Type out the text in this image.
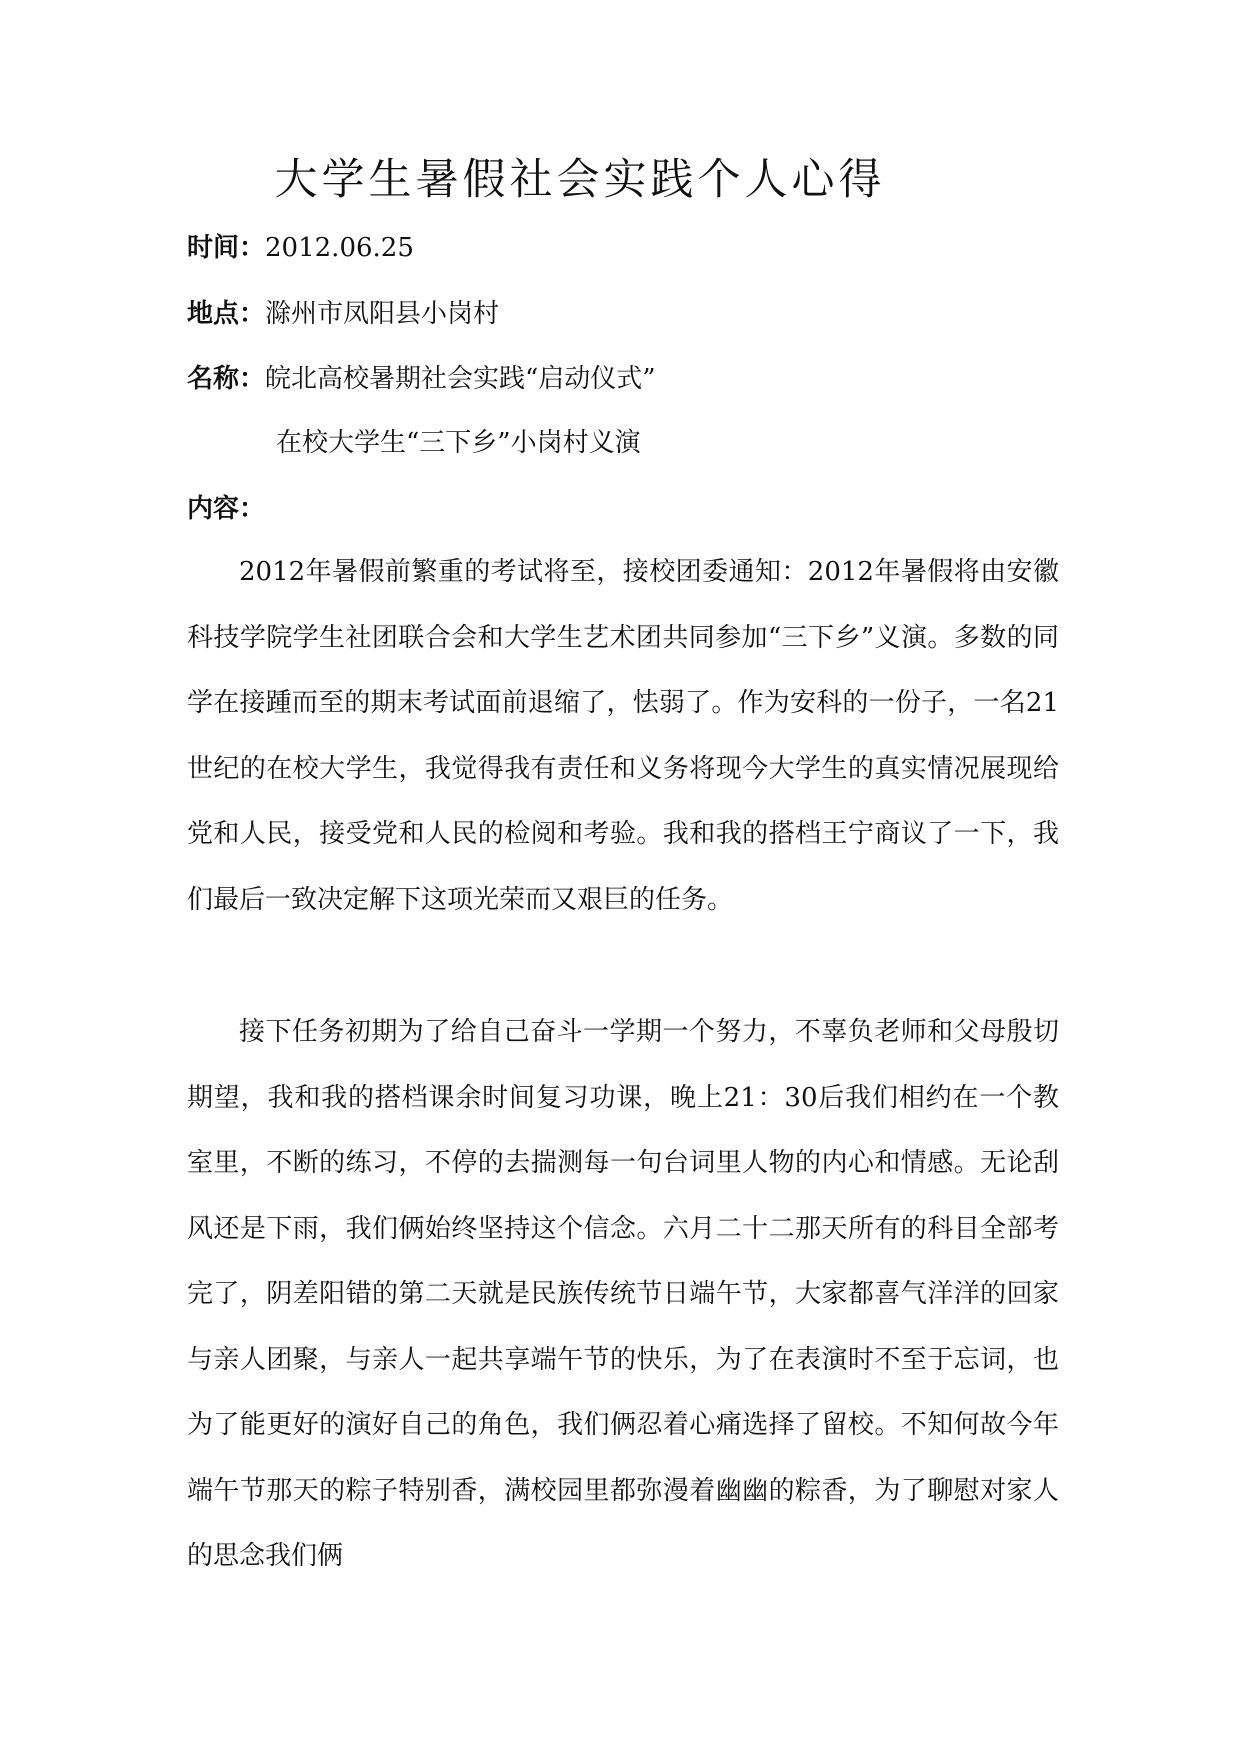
大学生暑假社会实践个人心得
时间：2012.06.25
地点：滁州市凤阳县小岗村
名称：皖北高校暑期社会实践“启动仪式”
在校大学生“三下乡”小岗村义演
内容：

2012年暑假前繁重的考试将至，接校团委通知：2012年暑假将由安徽科技学院学生社团联合会和大学生艺术团共同参加“三下乡”义演。多数的同学在接踵而至的期末考试面前退缩了，怯弱了。作为安科的一份子，一名21世纪的在校大学生，我觉得我有责任和义务将现今大学生的真实情况展现给党和人民，接受党和人民的检阅和考验。我和我的搭档王宁商议了一下，我们最后一致决定解下这项光荣而又艰巨的任务。

接下任务初期为了给自己奋斗一学期一个努力，不辜负老师和父母殷切期望，我和我的搭档课余时间复习功课，晚上21：30后我们相约在一个教室里，不断的练习，不停的去揣测每一句台词里人物的内心和情感。无论刮风还是下雨，我们俩始终坚持这个信念。六月二十二那天所有的科目全部考完了，阴差阳错的第二天就是民族传统节日端午节，大家都喜气洋洋的回家与亲人团聚，与亲人一起共享端午节的快乐，为了在表演时不至于忘词，也为了能更好的演好自己的角色，我们俩忍着心痛选择了留校。不知何故今年端午节那天的粽子特别香，满校园里都弥漫着幽幽的粽香，为了聊慰对家人的思念我们俩
